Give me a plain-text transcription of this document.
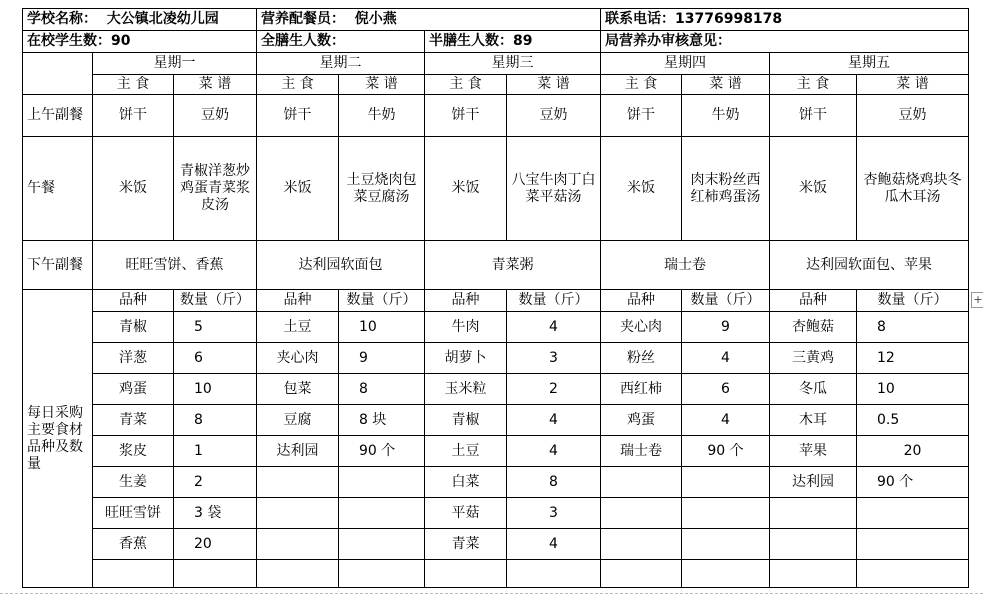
学校名称： 大公镇北凌幼儿园			营养配餐员： 倪小燕				联系电话：13776998178			
在校学生数：90			全膳生人数：		半膳生人数：89		局营养办审核意见：			
	星期一		星期二		星期三		星期四		星期五	
	主 食	菜 谱	主 食	菜 谱	主 食	菜 谱	主 食	菜 谱	主 食	菜 谱
上午副餐	饼干	豆奶	饼干	牛奶	饼干	豆奶	饼干	牛奶	饼干	豆奶
午餐	米饭	青椒洋葱炒鸡蛋青菜浆皮汤	米饭	土豆烧肉包菜豆腐汤	米饭	八宝牛肉丁白菜平菇汤	米饭	肉末粉丝西红柿鸡蛋汤	米饭	杏鲍菇烧鸡块冬瓜木耳汤
下午副餐	旺旺雪饼、香蕉		达利园软面包		青菜粥		瑞士卷		达利园软面包、苹果	
每日采购主要食材品种及数量	品种	数量（斤）	品种	数量（斤）	品种	数量（斤）	品种	数量（斤）	品种	数量（斤）
	青椒	5	土豆	10	牛肉	4	夹心肉	9	杏鲍菇	8
	洋葱	6	夹心肉	9	胡萝卜	3	粉丝	4	三黄鸡	12
	鸡蛋	10	包菜	8	玉米粒	2	西红柿	6	冬瓜	10
	青菜	8	豆腐	8 块	青椒	4	鸡蛋	4	木耳	0.5
	浆皮	1	达利园	90 个	土豆	4	瑞士卷	90 个	苹果	20
	生姜	2			白菜	8			达利园	90 个
	旺旺雪饼	3 袋			平菇	3				
	香蕉	20			青菜	4				

+
